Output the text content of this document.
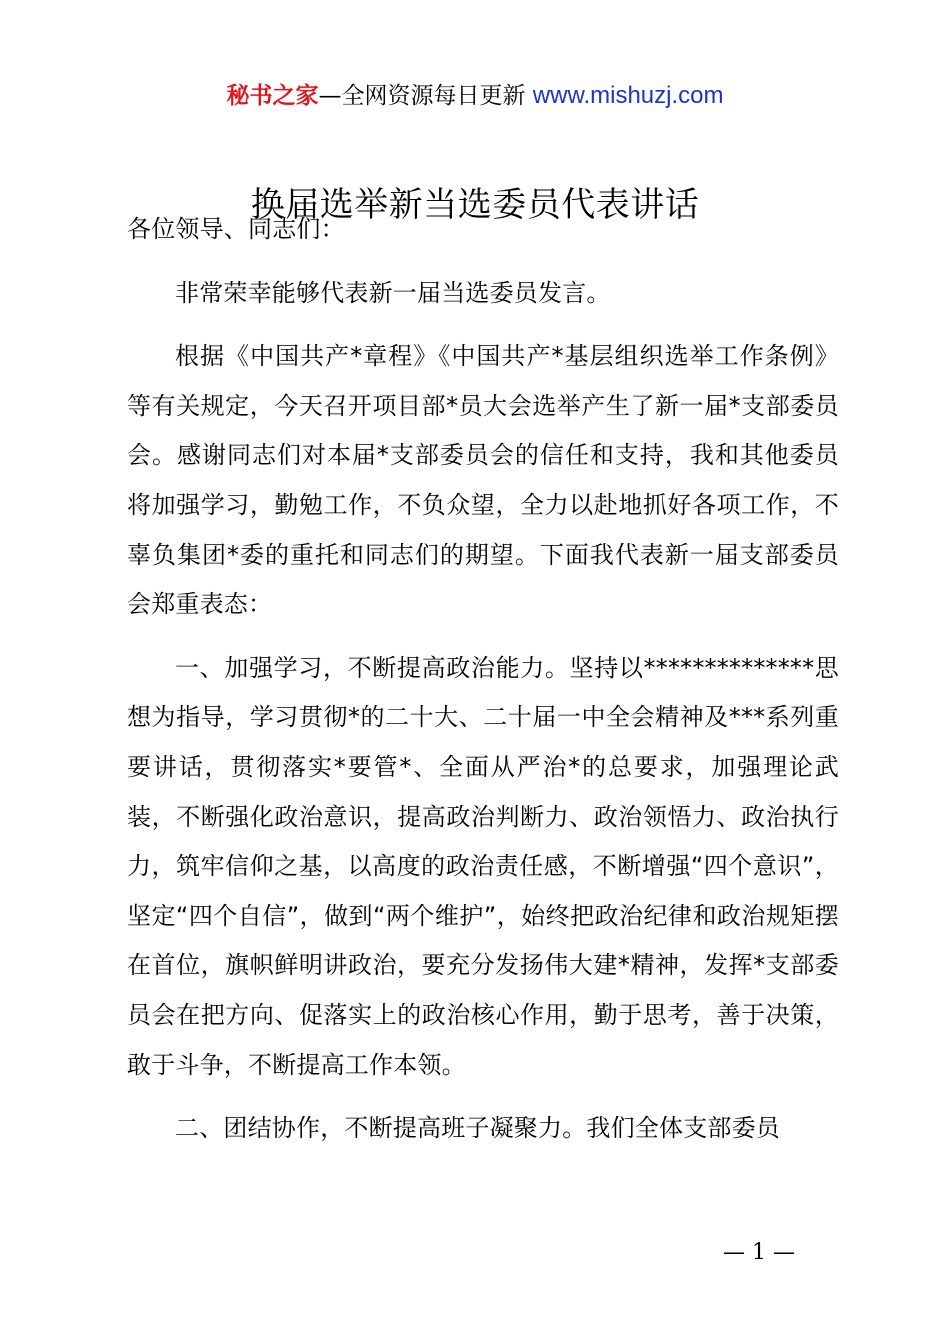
秘书之家—全网资源每日更新 www.mishuzj.com
换届选举新当选委员代表讲话

各位领导、同志们：

非常荣幸能够代表新一届当选委员发言。

根据《中国共产*章程》《中国共产*基层组织选举工作条例》等有关规定，今天召开项目部*员大会选举产生了新一届*支部委员会。感谢同志们对本届*支部委员会的信任和支持，我和其他委员将加强学习，勤勉工作，不负众望，全力以赴地抓好各项工作，不辜负集团*委的重托和同志们的期望。下面我代表新一届支部委员会郑重表态：

一、加强学习，不断提高政治能力。坚持以**************思想为指导，学习贯彻*的二十大、二十届一中全会精神及***系列重要讲话，贯彻落实*要管*、全面从严治*的总要求，加强理论武装，不断强化政治意识，提高政治判断力、政治领悟力、政治执行力，筑牢信仰之基，以高度的政治责任感，不断增强“四个意识”，坚定“四个自信”，做到“两个维护”，始终把政治纪律和政治规矩摆在首位，旗帜鲜明讲政治，要充分发扬伟大建*精神，发挥*支部委员会在把方向、促落实上的政治核心作用，勤于思考，善于决策，敢于斗争，不断提高工作本领。

二、团结协作，不断提高班子凝聚力。我们全体支部委员

— 1 —
